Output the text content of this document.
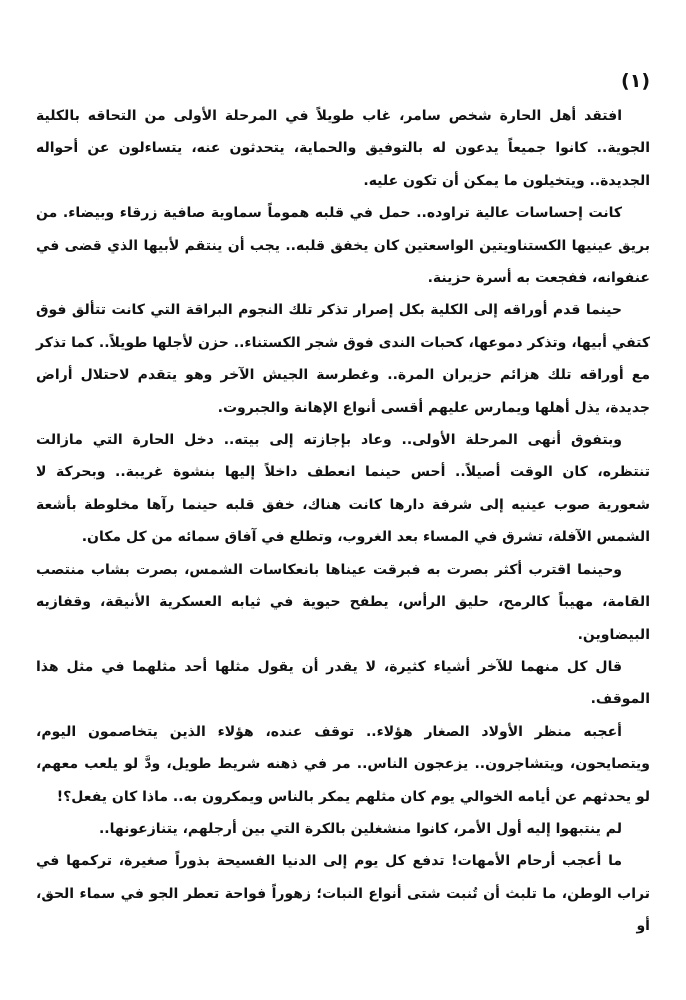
(١)

افتقد أهل الحارة شخص سامر، غاب طويلاً في المرحلة الأولى من التحاقه بالكلية الجوية.. كانوا جميعاً يدعون له بالتوفيق والحماية، يتحدثون عنه، يتساءلون عن أحواله الجديدة.. ويتخيلون ما يمكن أن تكون عليه.

كانت إحساسات عالية تراوده.. حمل في قلبه هموماً سماوية صافية زرقاء وبيضاء. من بريق عينيها الكستناويتين الواسعتين كان يخفق قلبه.. يجب أن ينتقم لأبيها الذي قضى في عنفوانه، ففجعت به أسرة حزينة.

حينما قدم أوراقه إلى الكلية بكل إصرار تذكر تلك النجوم البراقة التي كانت تتألق فوق كتفي أبيها، وتذكر دموعها، كحبات الندى فوق شجر الكستناء.. حزن لأجلها طويلاً.. كما تذكر مع أوراقه تلك هزائم حزيران المرة.. وغطرسة الجيش الآخر وهو يتقدم لاحتلال أراض جديدة، يذل أهلها ويمارس عليهم أقسى أنواع الإهانة والجبروت.

وبتفوق أنهى المرحلة الأولى.. وعاد بإجازته إلى بيته.. دخل الحارة التي مازالت تنتظره، كان الوقت أصيلاً.. أحس حينما انعطف داخلاً إليها بنشوة غريبة.. وبحركة لا شعورية صوب عينيه إلى شرفة دارها كانت هناك، خفق قلبه حينما رآها مخلوطة بأشعة الشمس الآفلة، تشرق في المساء بعد الغروب، وتطلع في آفاق سمائه من كل مكان.

وحينما اقترب أكثر بصرت به فبرقت عيناها بانعكاسات الشمس، بصرت بشاب منتصب القامة، مهيباً كالرمح، حليق الرأس، يطفح حيوية في ثيابه العسكرية الأنيقة، وقفازيه البيضاوين.

قال كل منهما للآخر أشياء كثيرة، لا يقدر أن يقول مثلها أحد مثلهما في مثل هذا الموقف.

أعجبه منظر الأولاد الصغار هؤلاء.. توقف عنده، هؤلاء الذين يتخاصمون اليوم، ويتصايحون، ويتشاجرون.. يزعجون الناس.. مر في ذهنه شريط طويل، ودَّ لو يلعب معهم، لو يحدثهم عن أيامه الخوالي يوم كان مثلهم يمكر بالناس ويمكرون به.. ماذا كان يفعل؟!

لم ينتبهوا إليه أول الأمر، كانوا منشغلين بالكرة التي بين أرجلهم، يتنازعونها..

ما أعجب أرحام الأمهات! تدفع كل يوم إلى الدنيا الفسيحة بذوراً صغيرة، تركمها في تراب الوطن، ما تلبث أن تُنبت شتى أنواع النبات؛ زهوراً فواحة تعطر الجو في سماء الحق، أو
